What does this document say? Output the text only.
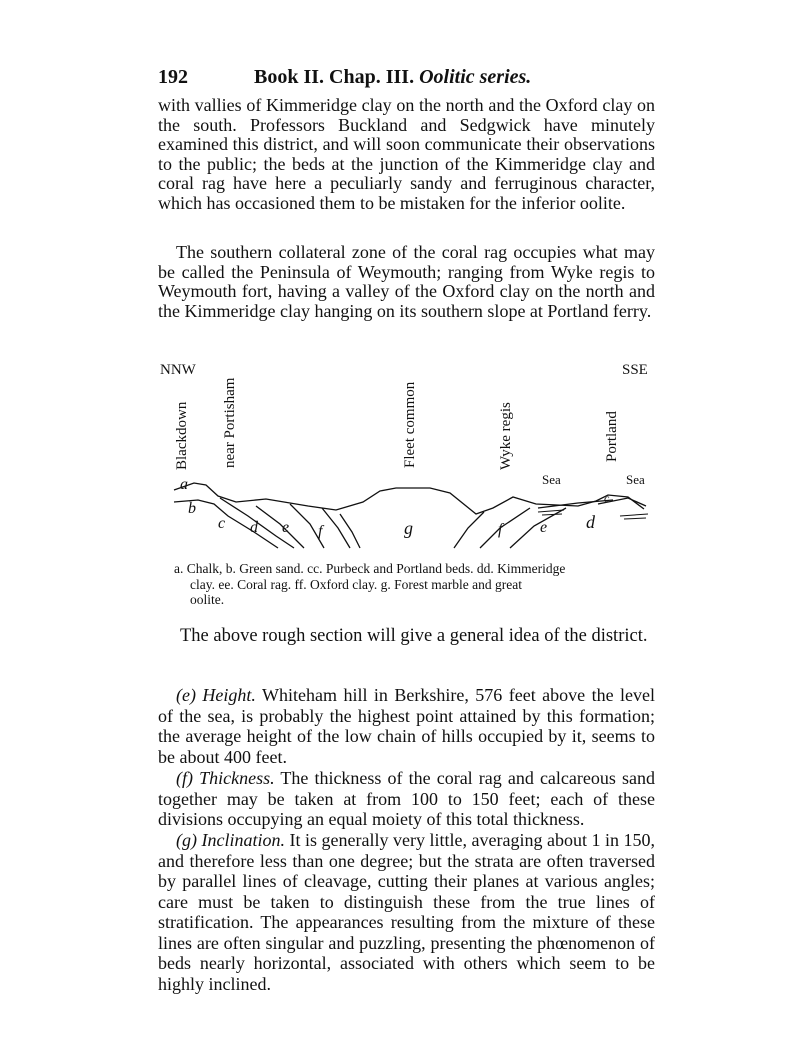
192	Book II. Chap. III. Oolitic series.

with vallies of Kimmeridge clay on the north and the Oxford clay on the south. Professors Buckland and Sedgwick have minutely examined this district, and will soon communicate their observations to the public; the beds at the junction of the Kimmeridge clay and coral rag have here a peculiarly sandy and ferruginous character, which has occasioned them to be mistaken for the inferior oolite.

The southern collateral zone of the coral rag occupies what may be called the Peninsula of Weymouth; ranging from Wyke regis to Weymouth fort, having a valley of the Oxford clay on the north and the Kimmeridge clay hanging on its southern slope at Portland ferry.

NNW	SSE
Blackdown near Portisham	Fleet common	Wyke regis	Portland
Sea	Sea
a
b
c d e f	g	f e d
c

a. Chalk, b. Green sand. cc. Purbeck and Portland beds. dd. Kimmeridge
clay. ee. Coral rag. ff. Oxford clay. g. Forest marble and great
oolite.

The above rough section will give a general idea of the district.

(e) Height. Whiteham hill in Berkshire, 576 feet above the level of the sea, is probably the highest point attained by this formation; the average height of the low chain of hills occupied by it, seems to be about 400 feet.

(f) Thickness. The thickness of the coral rag and calcareous sand together may be taken at from 100 to 150 feet; each of these divisions occupying an equal moiety of this total thickness.

(g) Inclination. It is generally very little, averaging about 1 in 150, and therefore less than one degree; but the strata are often traversed by parallel lines of cleavage, cutting their planes at various angles; care must be taken to distinguish these from the true lines of stratification. The appearances resulting from the mixture of these lines are often singular and puzzling, presenting the phœnomenon of beds nearly horizontal, associated with others which seem to be highly inclined.
